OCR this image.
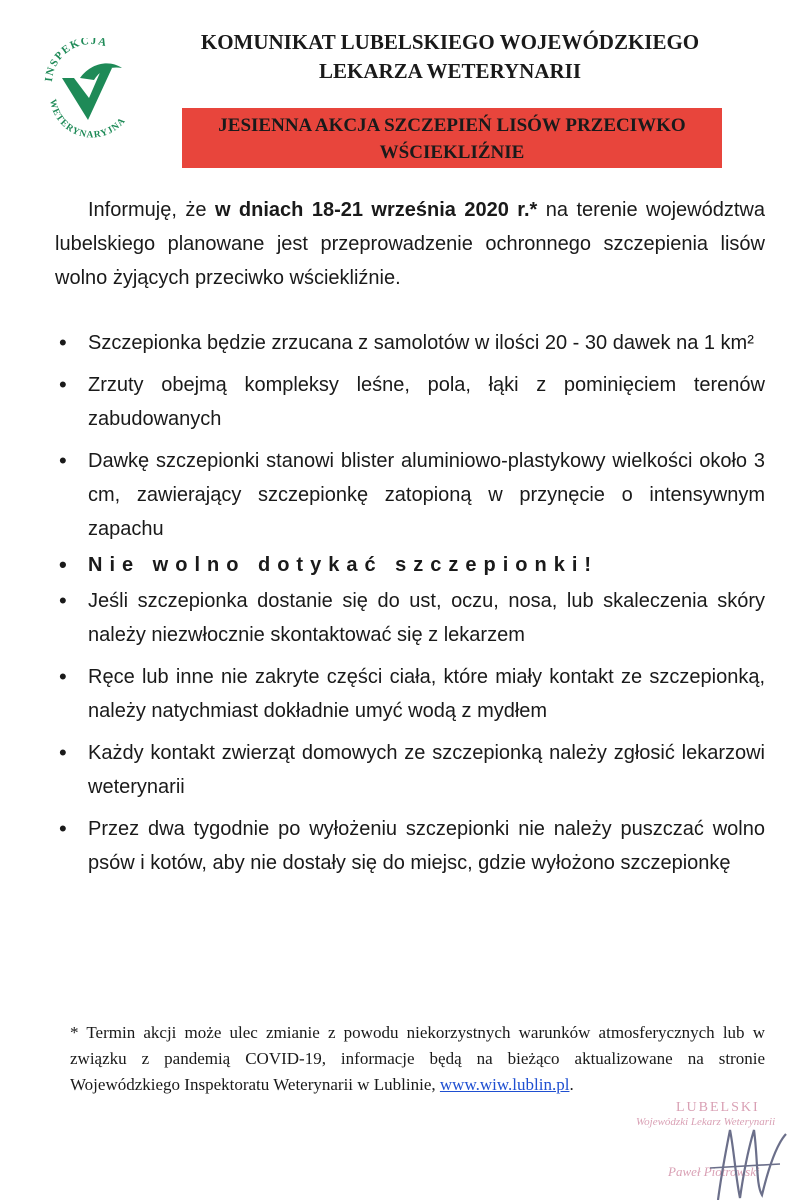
INSPEKCJA
WETERYNARYJNA
KOMUNIKAT LUBELSKIEGO WOJEWÓDZKIEGO
LEKARZA WETERYNARII
JESIENNA AKCJA SZCZEPIEŃ LISÓW PRZECIWKO
WŚCIEKLIŹNIE
Informuję, że w dniach 18-21 września 2020 r.* na terenie województwa lubelskiego planowane jest przeprowadzenie ochronnego szczepienia lisów wolno żyjących przeciwko wściekliźnie.
• Szczepionka będzie zrzucana z samolotów w ilości 20 - 30 dawek na 1 km²
• Zrzuty obejmą kompleksy leśne, pola, łąki z pominięciem terenów zabudowanych
• Dawkę szczepionki stanowi blister aluminiowo-plastykowy wielkości około 3 cm, zawierający szczepionkę zatopioną w przynęcie o intensywnym zapachu
• Nie wolno dotykać szczepionki!
• Jeśli szczepionka dostanie się do ust, oczu, nosa, lub skaleczenia skóry należy niezwłocznie skontaktować się z lekarzem
• Ręce lub inne nie zakryte części ciała, które miały kontakt ze szczepionką, należy natychmiast dokładnie umyć wodą z mydłem
• Każdy kontakt zwierząt domowych ze szczepionką należy zgłosić lekarzowi weterynarii
• Przez dwa tygodnie po wyłożeniu szczepionki nie należy puszczać wolno psów i kotów, aby nie dostały się do miejsc, gdzie wyłożono szczepionkę
* Termin akcji może ulec zmianie z powodu niekorzystnych warunków atmosferycznych lub w związku z pandemią COVID-19, informacje będą na bieżąco aktualizowane na stronie Wojewódzkiego Inspektoratu Weterynarii w Lublinie, www.wiw.lublin.pl.
LUBELSKI
Wojewódzki Lekarz Weterynarii
Paweł Piotrowski
